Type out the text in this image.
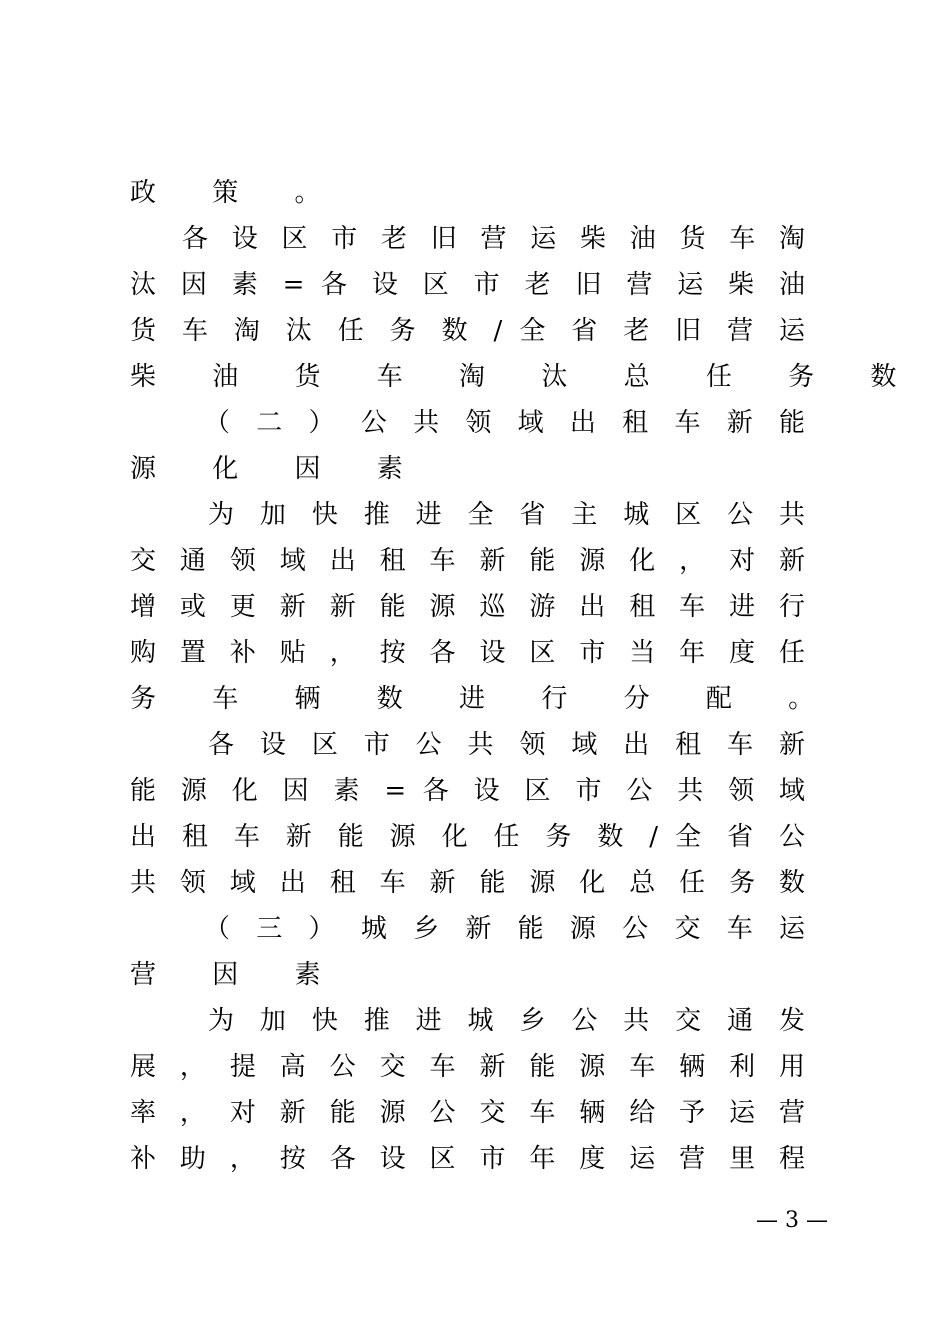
政 策 。
各 设 区 市 老 旧 营 运 柴 油 货 车 淘
汰 因 素 = 各 设 区 市 老 旧 营 运 柴 油
货 车 淘 汰 任 务 数 / 全 省 老 旧 营 运
柴 油 货 车 淘 汰 总 任 务 数
（ 二 ） 公 共 领 域 出 租 车 新 能
源 化 因 素
为 加 快 推 进 全 省 主 城 区 公 共
交 通 领 域 出 租 车 新 能 源 化 ， 对 新
增 或 更 新 新 能 源 巡 游 出 租 车 进 行
购 置 补 贴 ， 按 各 设 区 市 当 年 度 任
务 车 辆 数 进 行 分 配 。
各 设 区 市 公 共 领 域 出 租 车 新
能 源 化 因 素 = 各 设 区 市 公 共 领 域
出 租 车 新 能 源 化 任 务 数 / 全 省 公
共 领 域 出 租 车 新 能 源 化 总 任 务 数
（ 三 ） 城 乡 新 能 源 公 交 车 运
营 因 素
为 加 快 推 进 城 乡 公 共 交 通 发
展 ， 提 高 公 交 车 新 能 源 车 辆 利 用
率 ， 对 新 能 源 公 交 车 辆 给 予 运 营
补 助 ， 按 各 设 区 市 年 度 运 营 里 程
— 3 —
